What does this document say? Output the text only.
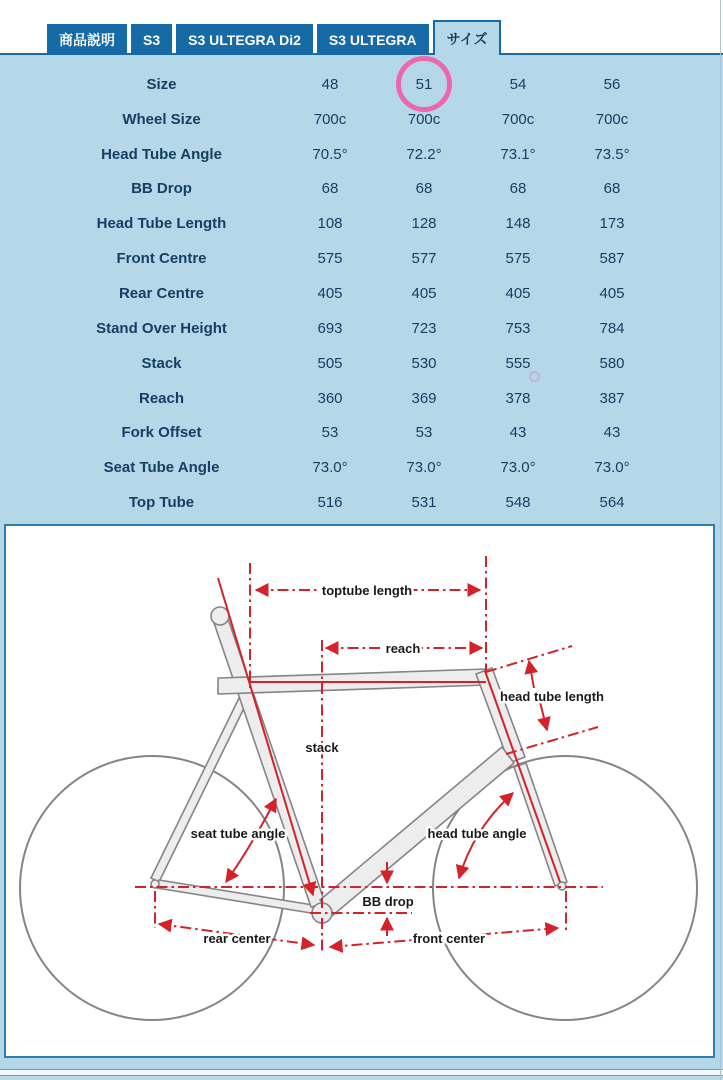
商品説明	S3	S3 ULTEGRA Di2	S3 ULTEGRA	サイズ
Size	48	51	54	56
Wheel Size	700c	700c	700c	700c
Head Tube Angle	70.5°	72.2°	73.1°	73.5°
BB Drop	68	68	68	68
Head Tube Length	108	128	148	173
Front Centre	575	577	575	587
Rear Centre	405	405	405	405
Stand Over Height	693	723	753	784
Stack	505	530	555	580
Reach	360	369	378	387
Fork Offset	53	53	43	43
Seat Tube Angle	73.0°	73.0°	73.0°	73.0°
Top Tube	516	531	548	564
toptube length
reach
head tube length
stack
seat tube angle	head tube angle
BB drop
rear center	front center
